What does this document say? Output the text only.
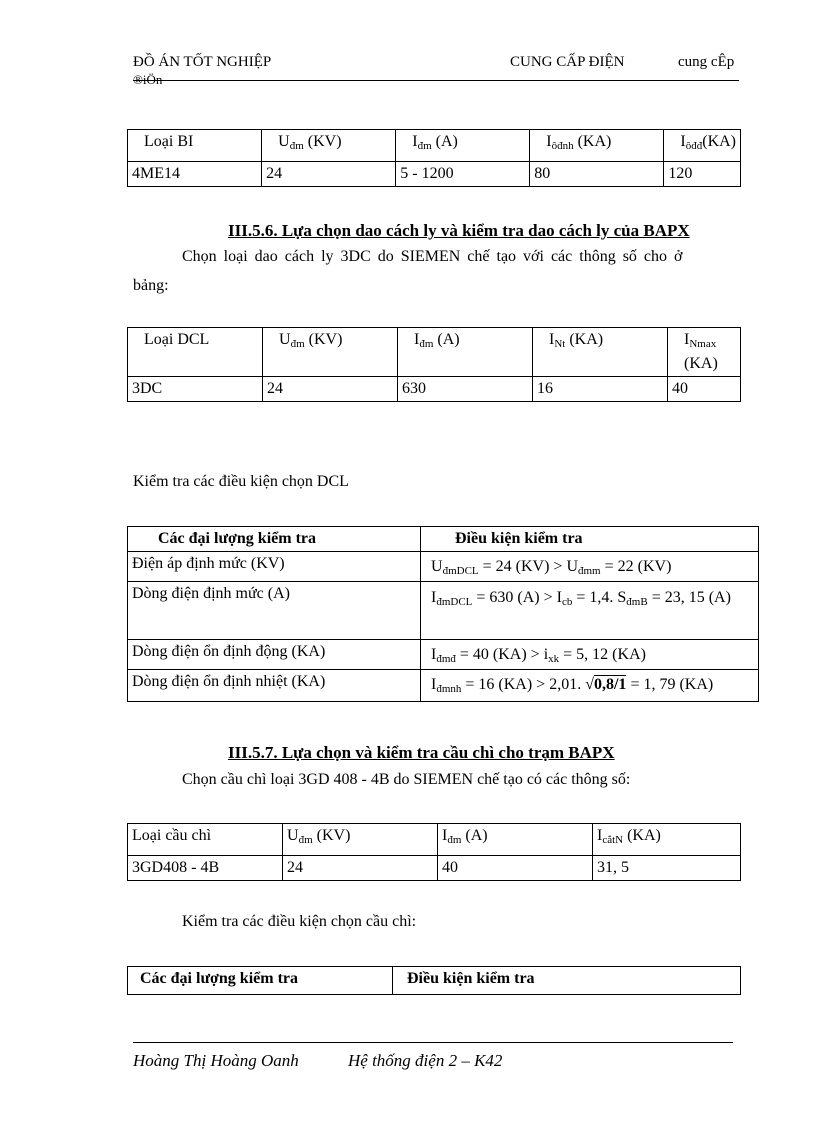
ĐỒ ÁN TỐT NGHIỆP
®iÖn
CUNG CẤP ĐIỆN	cung cÊp
Loại BI	$U_{đm}$ (KV)	$I_{đm}$ (A)	$I_{ôđnh}$ (KA)	$I_{ôđđ}(KA)$
4ME14	24	5 - 1200	80	120
III.5.6. Lựa chọn dao cách ly và kiểm tra dao cách ly của BAPX
Chọn loại dao cách ly 3DC do SIEMEN chế tạo với các thông số cho ở
bảng:
Loại DCL	$U_{đm}$ (KV)	$I_{đm}$ (A)	$I_{Nt}$ (KA)	$I_{Nmax}$ (KA)
3DC	24	630	16	40
Kiểm tra các điều kiện chọn DCL
Các đại lượng kiểm tra	Điều kiện kiểm tra
Điện áp định mức (KV)	$U_{đmDCL} = 24$ $(KV) > U_{đmm} = 22$ (KV)
Dòng điện định mức (A)	$I_{đmDCL} = 630$ $(A) > I_{cb} = 1,4$. $S_{đmB} = 23$, 15 (A)
Dòng điện ổn định động (KA)	$I_{đmđ} = 40$ $(KA) > i_{xk} = 5$, 12 (KA)
Dòng điện ổn định nhiệt (KA)	$I_{đmnh} = 16$ (KA) > 2,01. √0,8/1 = 1, 79 (KA)
III.5.7. Lựa chọn và kiểm tra cầu chì cho trạm BAPX
Chọn cầu chì loại 3GD 408 - 4B do SIEMEN chế tạo có các thông số:
Loại cầu chì	$U_{đm}$ (KV)	$I_{đm}$ (A)	$I_{cắtN}$ (KA)
3GD408 - 4B	24	40	31, 5
Kiểm tra các điều kiện chọn cầu chì:
Các đại lượng kiểm tra	Điều kiện kiểm tra
Hoàng Thị Hoàng Oanh	Hệ thống điện 2 – K42
